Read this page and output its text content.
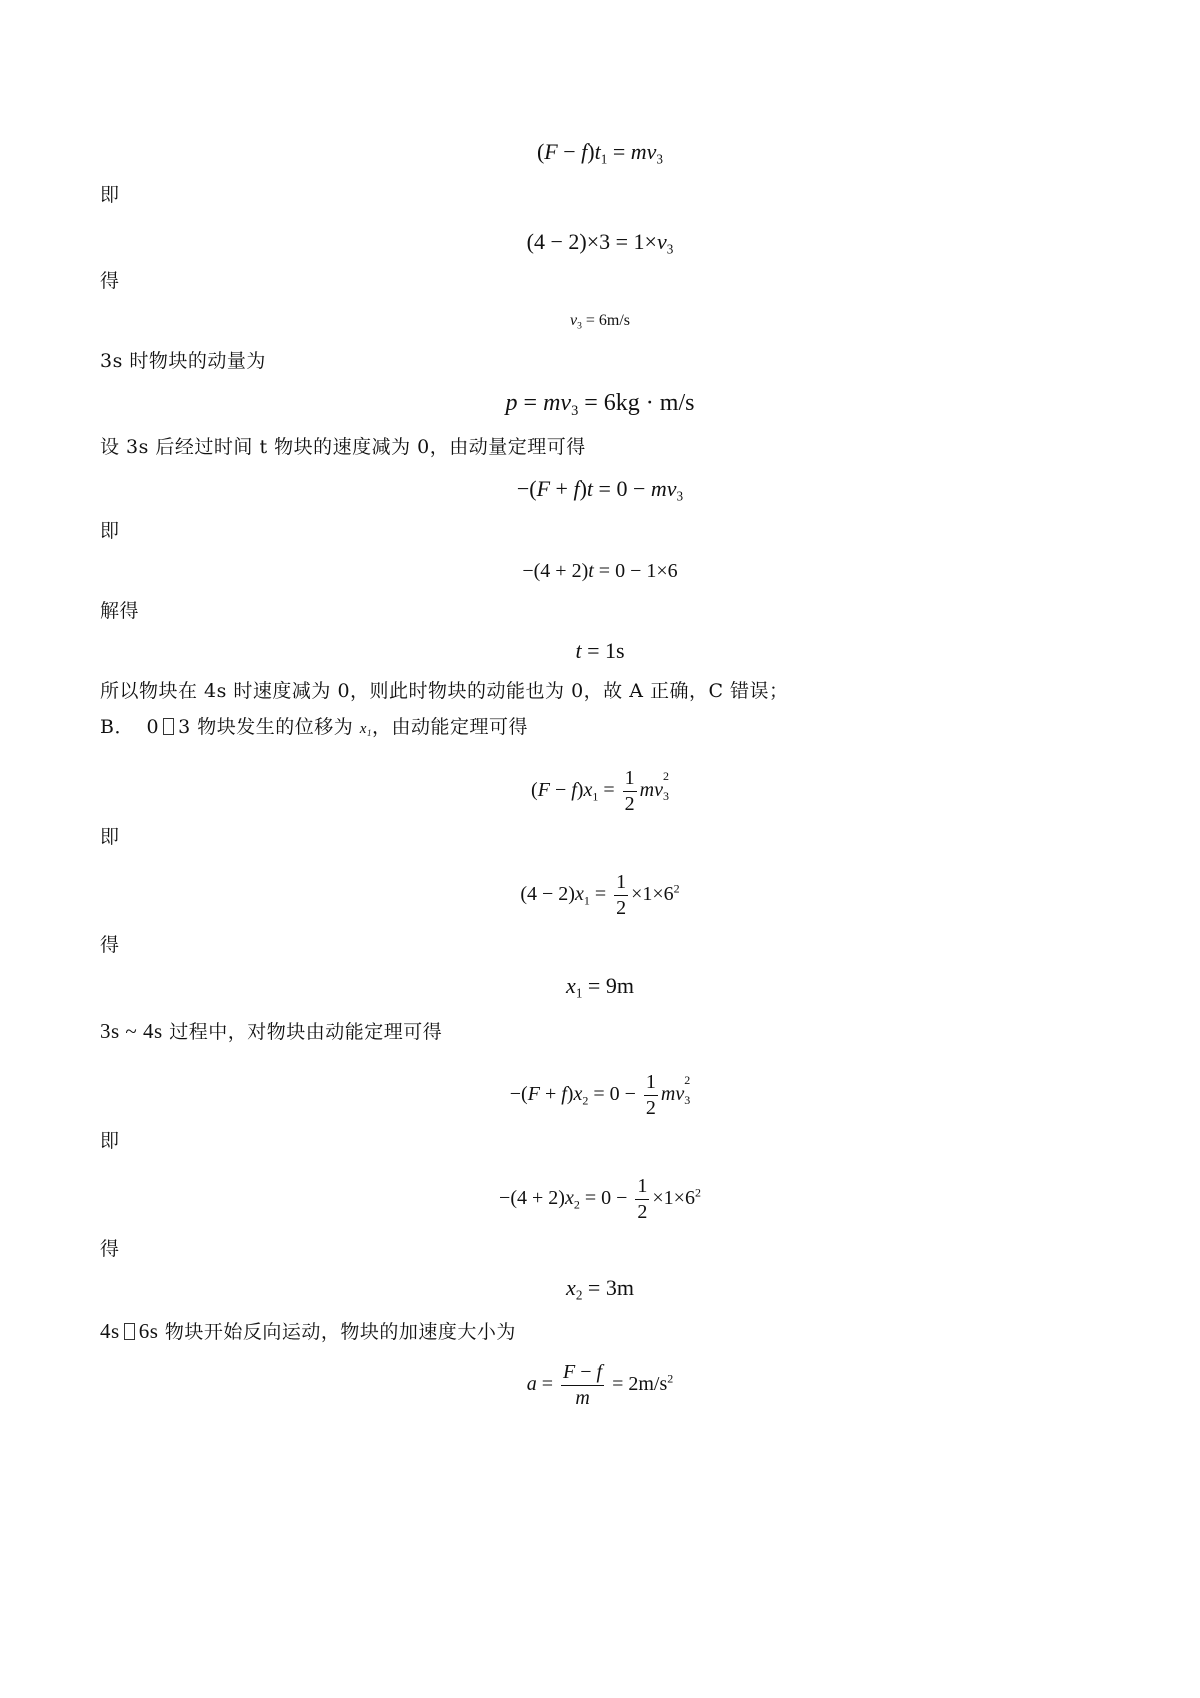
$(F - f)t_1 = mv_3$
即
$(4 - 2)\times 3 = 1\times v_3$
得
$v_3 = 6m/s$
3s 时物块的动量为
$p = mv_3 = 6kg \cdot m/s$
设 3s 后经过时间 t 物块的速度减为 0，由动量定理可得
$-(F + f)t = 0 - mv_3$
即
−(4 + 2)t = 0 − 1×6
解得
t = 1s
所以物块在 4s 时速度减为 0，则此时物块的动能也为 0，故 A 正确，C 错误；
B． 0 3 物块发生的位移为 $x_1$，由动能定理可得
$(F - f)x_1 = \frac{1}{2}$ mv
2
$_3$
即
$(4 - 2)x_1 = \frac{1}{2} \times 1\times 6^2$
得
$x_1 = 9m$
3s ~ 4s 过程中，对物块由动能定理可得
$-(F + f)x_2 = 0 - \frac{1}{2}$ mv
2
$_3$
即
$-(4 + 2)x_2 = 0 - \frac{1}{2} \times 1\times 6^2$
得
$x_2 = 3m$
4s 6s 物块开始反向运动，物块的加速度大小为
$a = \frac{F - f}{m} = 2m/s^2$
